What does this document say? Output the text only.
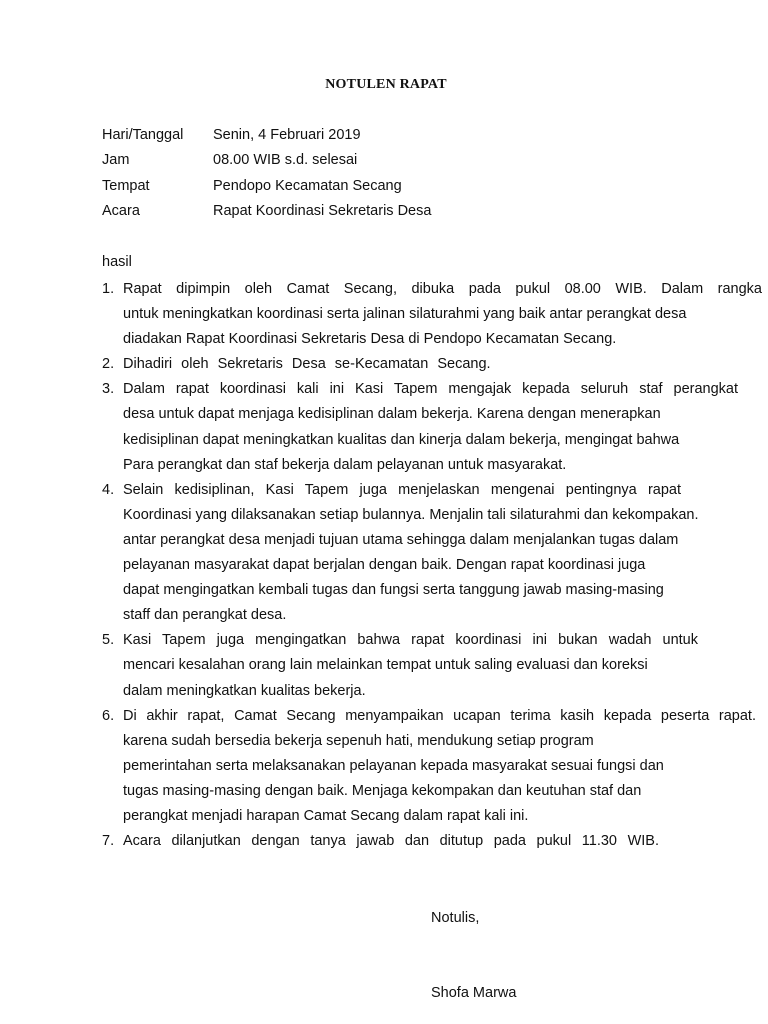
NOTULEN RAPAT
Hari/Tanggal Senin, 4 Februari 2019
Jam	08.00 WIB s.d. selesai
Tempat	Pendopo Kecamatan Secang
Acara	Rapat Koordinasi Sekretaris Desa
hasil
1. Rapat dipimpin oleh Camat Secang, dibuka pada pukul 08.00 WIB. Dalam rangka
untuk meningkatkan koordinasi serta jalinan silaturahmi yang baik antar perangkat desa
diadakan Rapat Koordinasi Sekretaris Desa di Pendopo Kecamatan Secang.
2. Dihadiri oleh Sekretaris Desa se-Kecamatan Secang.
3. Dalam rapat koordinasi kali ini Kasi Tapem mengajak kepada seluruh staf perangkat
desa untuk dapat menjaga kedisiplinan dalam bekerja. Karena dengan menerapkan
kedisiplinan dapat meningkatkan kualitas dan kinerja dalam bekerja, mengingat bahwa
Para perangkat dan staf bekerja dalam pelayanan untuk masyarakat.
4. Selain kedisiplinan, Kasi Tapem juga menjelaskan mengenai pentingnya rapat
Koordinasi yang dilaksanakan setiap bulannya. Menjalin tali silaturahmi dan kekompakan.
antar perangkat desa menjadi tujuan utama sehingga dalam menjalankan tugas dalam
pelayanan masyarakat dapat berjalan dengan baik. Dengan rapat koordinasi juga
dapat mengingatkan kembali tugas dan fungsi serta tanggung jawab masing-masing
staff dan perangkat desa.
5. Kasi Tapem juga mengingatkan bahwa rapat koordinasi ini bukan wadah untuk
mencari kesalahan orang lain melainkan tempat untuk saling evaluasi dan koreksi
dalam meningkatkan kualitas bekerja.
6. Di akhir rapat, Camat Secang menyampaikan ucapan terima kasih kepada peserta rapat.
karena sudah bersedia bekerja sepenuh hati, mendukung setiap program
pemerintahan serta melaksanakan pelayanan kepada masyarakat sesuai fungsi dan
tugas masing-masing dengan baik. Menjaga kekompakan dan keutuhan staf dan
perangkat menjadi harapan Camat Secang dalam rapat kali ini.
7. Acara dilanjutkan dengan tanya jawab dan ditutup pada pukul 11.30 WIB.
Notulis,
Shofa Marwa
